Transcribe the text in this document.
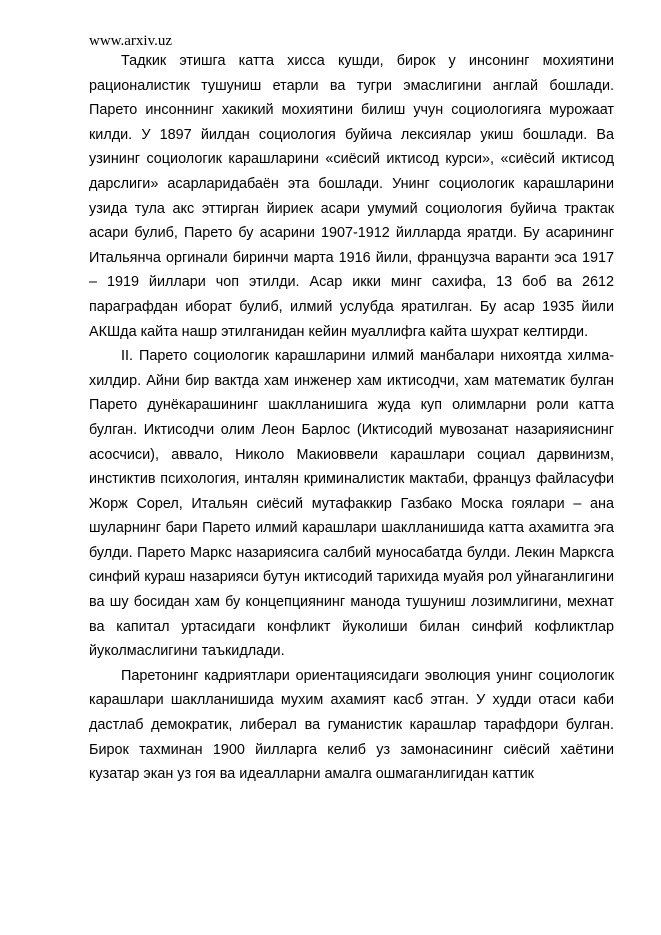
www.arxiv.uz

Тадкик этишга катта хисса кушди, бирок у инсонинг мохиятини рационалистик тушуниш етарли ва тугри эмаслигини англай бошлади. Парето инсоннинг хакикий мохиятини билиш учун социологияга мурожаат килди. У 1897 йилдан социология буйича лексиялар укиш бошлади. Ва узининг социологик карашларини «сиёсий иктисод курси», «сиёсий иктисод дарслиги» асарларидабаён эта бошлади. Унинг социологик карашларини узида тула акс эттирган йириек асари умумий социология буйича трактак асари булиб, Парето бу асарини 1907-1912 йилларда яратди. Бу асарининг Итальянча оргинали биринчи марта 1916 йили, французча варанти эса 1917 – 1919 йиллари чоп этилди. Асар икки минг сахифа, 13 боб ва 2612 параграфдан иборат булиб, илмий услубда яратилган. Бу асар 1935 йили АКШда кайта нашр этилганидан кейин муаллифга кайта шухрат келтирди.

II. Парето социологик карашларини илмий манбалари нихоятда хилма-хилдир. Айни бир вактда хам инженер хам иктисодчи, хам математик булган Парето дунёкарашининг шаклланишига жуда куп олимларни роли катта булган. Иктисодчи олим Леон Барлос (Иктисодий мувозанат назарияиснинг асосчиси), аввало, Николо Макиоввели карашлари социал дарвинизм, инстиктив психология, инталян криминалистик мактаби, француз файласуфи Жорж Сорел, Итальян сиёсий мутафаккир Газбако Моска гоялари – ана шуларнинг бари Парето илмий карашлари шаклланишида катта ахамитга эга булди. Парето Маркс назариясига салбий муносабатда булди. Лекин Марксга синфий кураш назарияси бутун иктисодий тарихида муайя рол уйнаганлигини ва шу босидан хам бу концепциянинг манода тушуниш лозимлигини, мехнат ва капитал уртасидаги конфликт йуколиши билан синфий кофликтлар йуколмаслигини таъкидлади.

Паретонинг кадриятлари ориентациясидаги эволюция унинг социологик карашлари шаклланишида мухим ахамият касб этган. У худди отаси каби дастлаб демократик, либерал ва гуманистик карашлар тарафдори булган. Бирок тахминан 1900 йилларга келиб уз замонасининг сиёсий хаётини кузатар экан уз гоя ва идеалларни амалга ошмаганлигидан каттик
